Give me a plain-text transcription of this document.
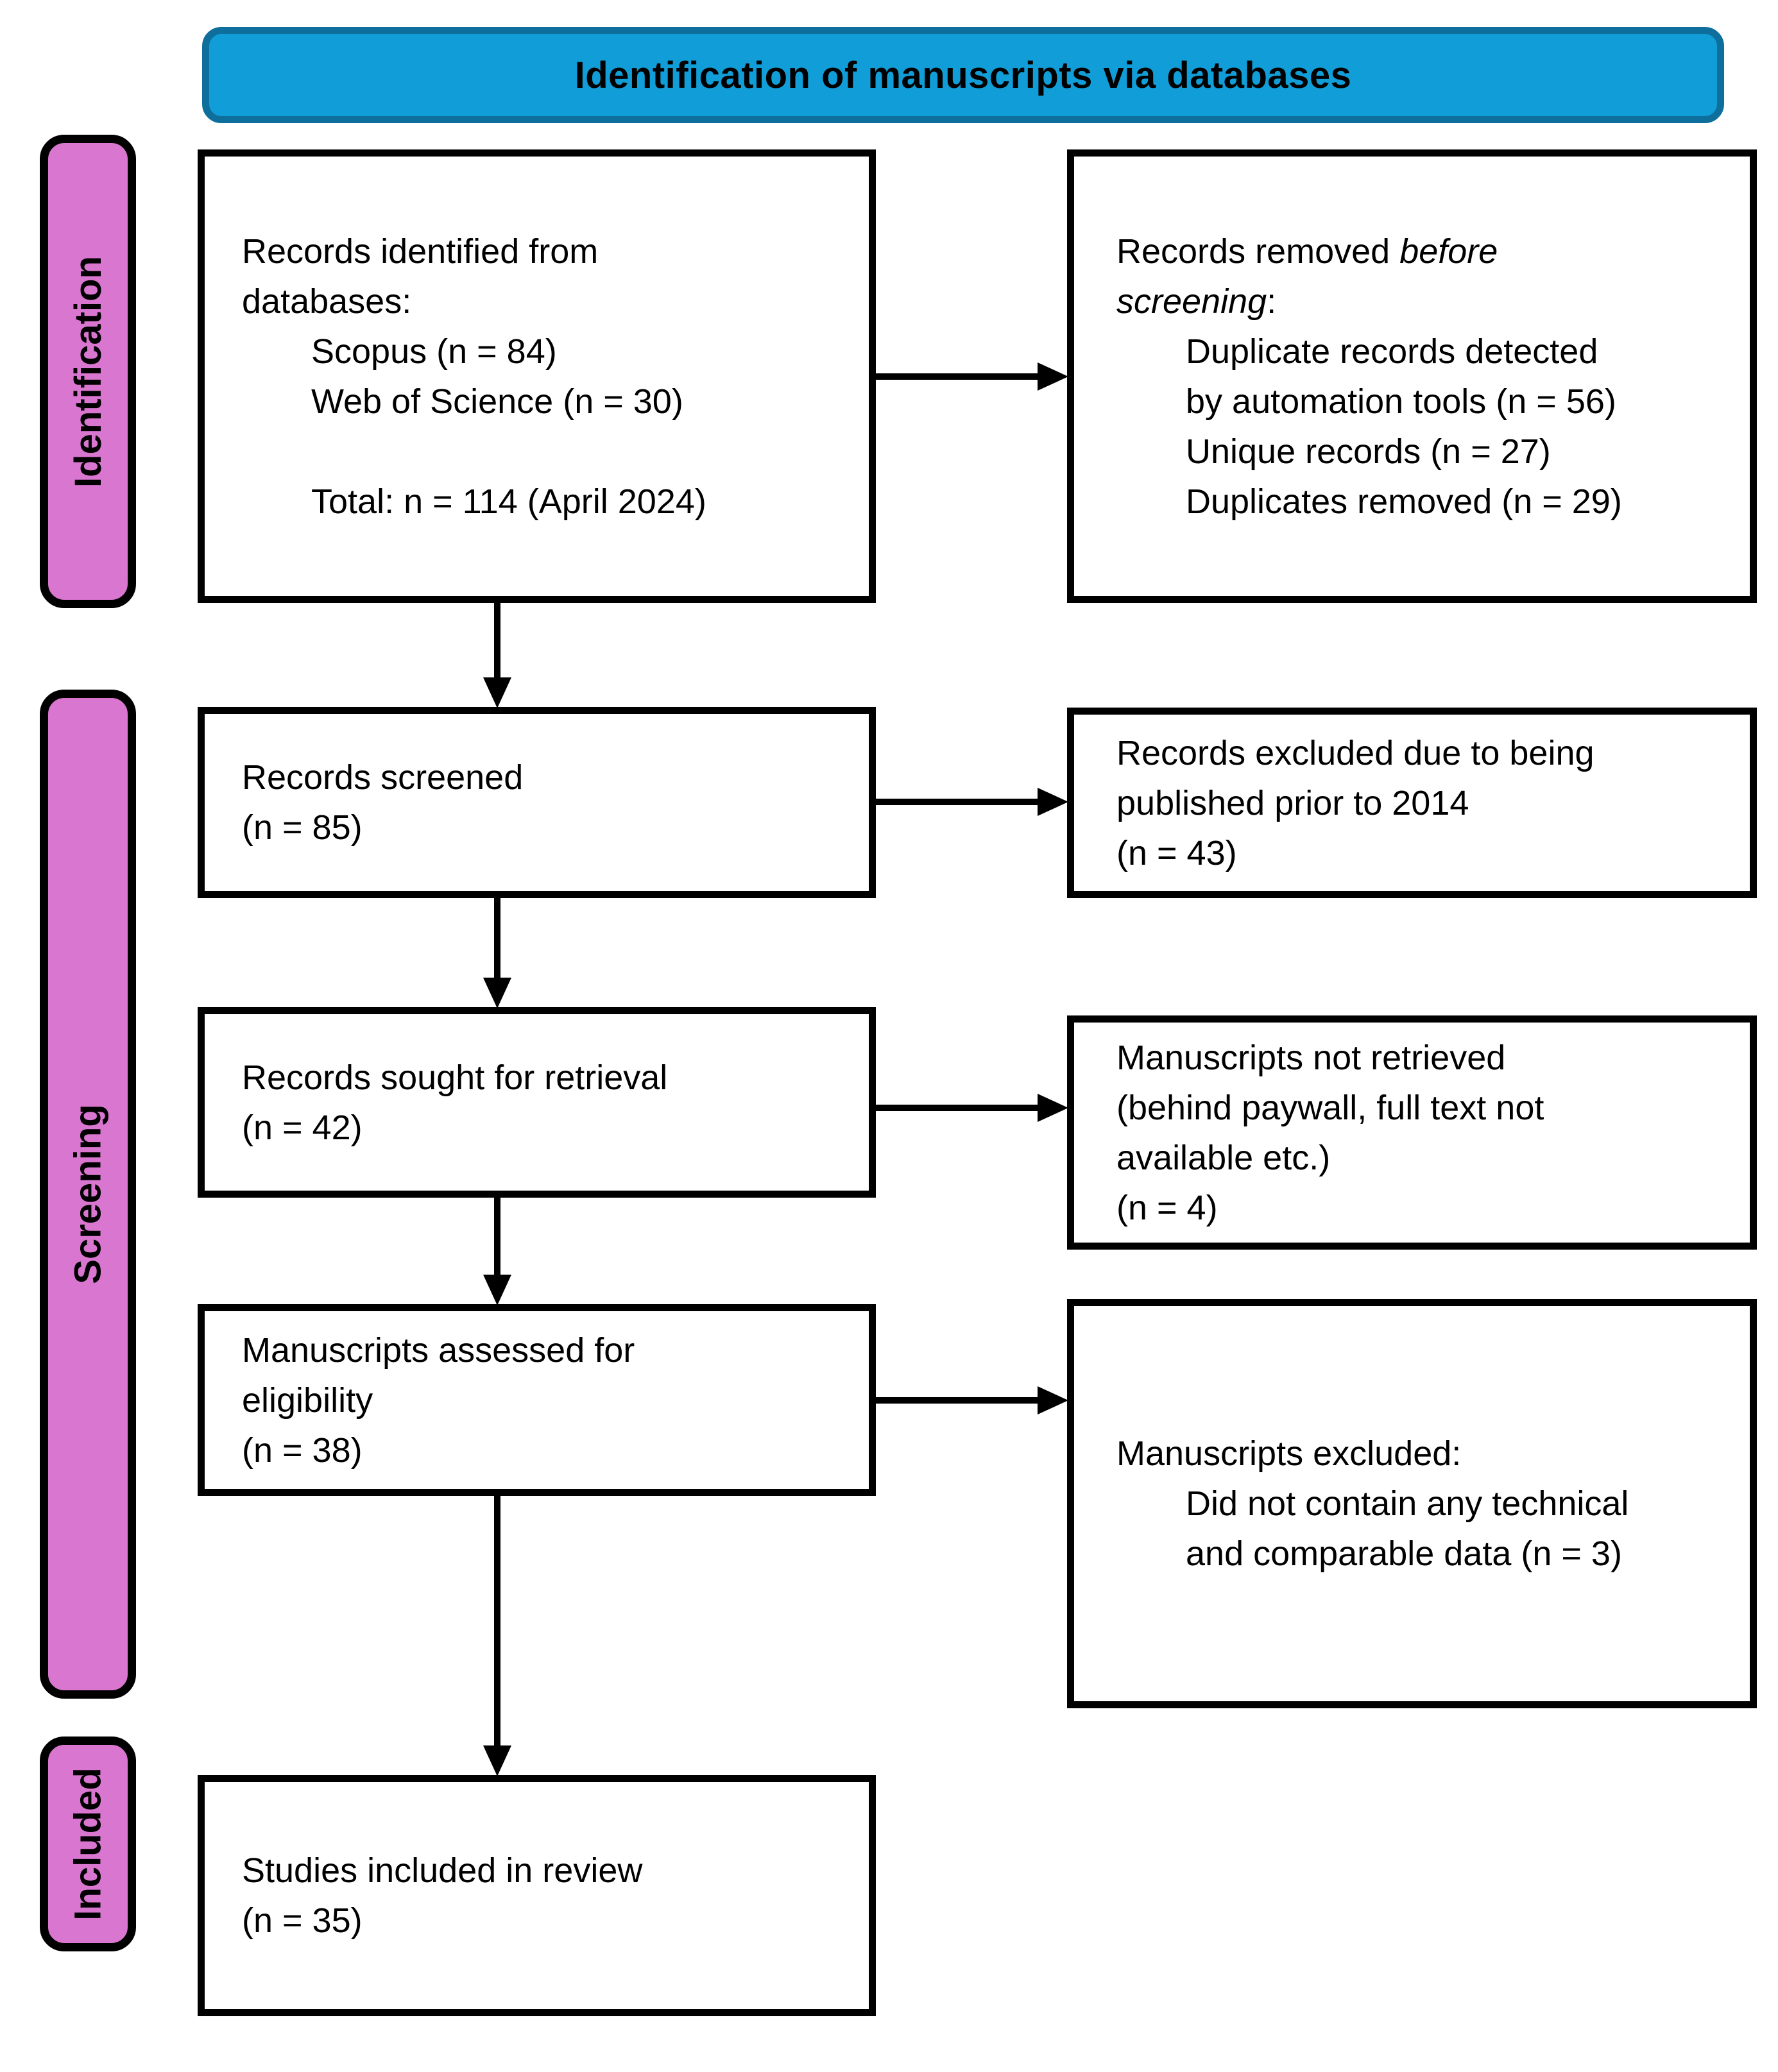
Identification of manuscripts via databases
Identification
Screening
Included
Records identified from
databases:
Scopus (n = 84)
Web of Science (n = 30)
Total: n = 114 (April 2024)
Records removed before
screening:
Duplicate records detected
by automation tools (n = 56)
Unique records (n = 27)
Duplicates removed (n = 29)
Records screened
(n = 85)
Records excluded due to being
published prior to 2014
(n = 43)
Records sought for retrieval
(n = 42)
Manuscripts not retrieved
(behind paywall, full text not
available etc.)
(n = 4)
Manuscripts assessed for
eligibility
(n = 38)	Manuscripts excluded:
Did not contain any technical
and comparable data (n = 3)
Studies included in review
(n = 35)
